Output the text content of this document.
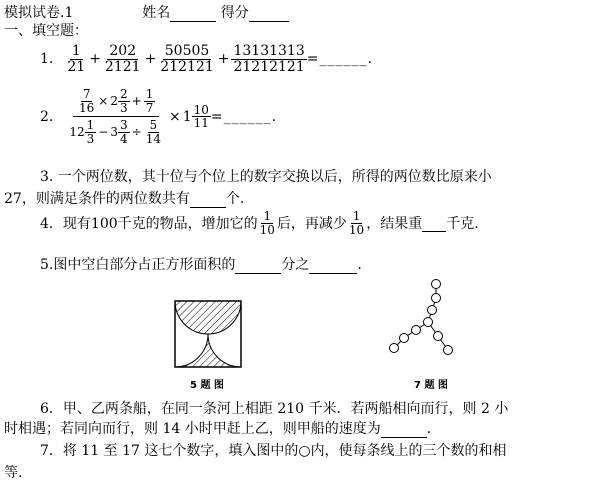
模拟试卷.1	姓名	得分
一、填空题：
1. $\frac{1}{21} + \frac{202}{2121} + \frac{50505}{212121} + \frac{13131313}{21212121}$ =______.
2. $\frac{\frac{7}{16} \times 2 \frac{2}{3} + \frac{1}{7}}{12 \frac{1}{3} - 3 \frac{3}{4} \div \frac{5}{14}} \times 1 \frac{10}{11}$ =______.
3. 一个两位数，其十位与个位上的数字交换以后，所得的两位数比原来小
27，则满足条件的两位数共有	个.
4．现有100千克的物品，增加它的 $\frac{1}{10}$ 后，再减少 $\frac{1}{10}$ ，结果重
千克.
5.图中空白部分占正方形面积的	分之	.
5 题 图	7 题 图
6．甲、乙两条船，在同一条河上相距 210 千米．若两船相向而行，则 2 小
时相遇；若同向而行，则 14 小时甲赶上乙，则甲船的速度为	.
7．将 11 至 17 这七个数字，填入图中的○内，使每条线上的三个数的和相
等.
